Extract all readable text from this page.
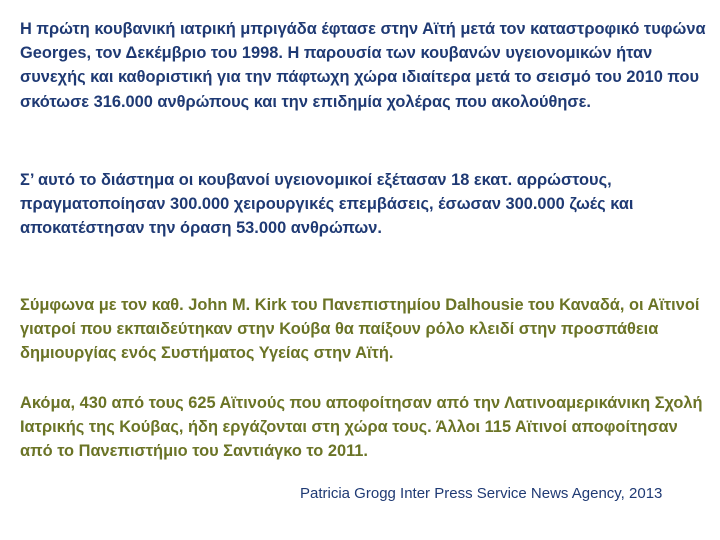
Η πρώτη κουβανική ιατρική μπριγάδα έφτασε στην Αϊτή μετά τον καταστροφικό τυφώνα Georges, τον Δεκέμβριο του 1998. Η παρουσία των κουβανών υγειονομικών ήταν συνεχής και καθοριστική για την πάφτωχη χώρα ιδιαίτερα μετά το σεισμό του 2010 που σκότωσε 316.000 ανθρώπους και την επιδημία χολέρας που ακολούθησε.

Σ’ αυτό το διάστημα οι κουβανοί υγειονομικοί εξέτασαν 18 εκατ. αρρώστους, πραγματοποίησαν 300.000 χειρουργικές επεμβάσεις, έσωσαν 300.000 ζωές και αποκατέστησαν την όραση 53.000 ανθρώπων.

Σύμφωνα με τον καθ. John M. Kirk του Πανεπιστημίου Dalhousie του Καναδά, οι Αϊτινοί γιατροί που εκπαιδεύτηκαν στην Κούβα θα παίξουν ρόλο κλειδί στην προσπάθεια δημιουργίας ενός Συστήματος Υγείας στην Αϊτή.

Ακόμα, 430 από τους 625 Αϊτινούς που αποφοίτησαν από την Λατινοαμερικάνικη Σχολή Ιατρικής της Κούβας, ήδη εργάζονται στη χώρα τους. Άλλοι 115 Αϊτινοί αποφοίτησαν από το Πανεπιστήμιο του Σαντιάγκο το 2011.

Patricia Grogg Inter Press Service News Agency, 2013
